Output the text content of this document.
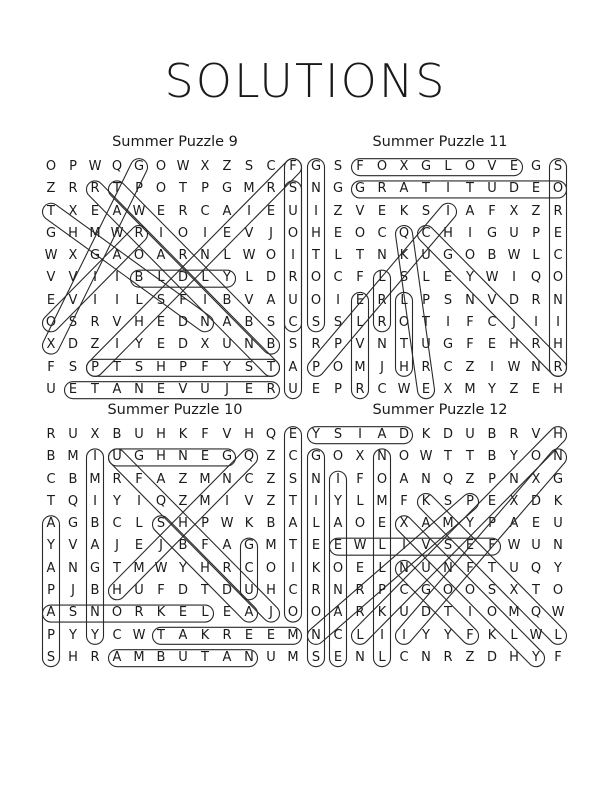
SOLUTIONS
Summer Puzzle 9
O P W Q G O W X	Z	S	C	F
Z	R R	T	P O T	P	G M R	S
T	X	E	A W E	R C	A	I	E	U
G H M W R	I	O	I	E	V	J	O
W X G A O A	R N	L W O	I
V	V	I	I	B	L	D	L	Y	L	D R
E	V	I	I	L	S	F	I	B	V	A U
O S	R	V H	E D N A	B	S	C
X D Z	I	Y	E D X U N B	S
F	S	P	T	S H	P	F	Y	S	T	A
U	E	T	A N	E	V U	J	E	R U
Summer Puzzle 11
G S	F	O X G	L	O V	E G S
N G G R	A	T	I	T	U D E O
I	Z	V	E	K	S	I	A	F	X	Z	R
H	E O C Q C H	I	G U	P	E
T	L	T	N K U G O B W L	C
O C	F	L	S	L	E	Y W	I	Q O
O	I	E	R	L	P	S	N V D R N
S	S	L	R O T	I	F	C	J	I	I
R	P	V N	T	U G	F	E	H R H
P O M	J	H R C	Z	I	W N R
E	P	R C W E	X M Y	Z	E	H
Summer Puzzle 10
R U X	B U H K	F	V H Q E
B M	I	U G H N	E G Q Z	C
C	B M R	F	A	Z M N C	Z	S
T Q	I	Y	I	Q Z M	I	V	Z	T
A G B	C	L	S H	P W K	B	A
Y	V	A	J	E	J	B	F	A G M T
A N G T M W Y	H R C O	I
P	J	B H U	F	D	T	D U H C
A	S	N O R	K	E	L	E	A	J	O
P	Y	Y	C W T	A	K	R	E	E M
S H R	A M B U	T	A N U M
Summer Puzzle 12
Y	S	I	A D K D U B	R	V H
G O X N O W T	T	B	Y O N
N	I	F	O A N Q Z	P	N X G
I	Y	L M F	K	S	P	E	X D K
L	A O E	X	A M Y	P	A	E	U
E	E W L	I	V	S	E	F W U N
K O E	L	N U N	F	T	U Q Y
R N R	P	C G O O S	X	T O
O A	R	K U D	T	I	O M Q W
N C	L	I	I	Y	Y	F	K	L W L
S	E	N	L	C N R	Z D H	Y	F
